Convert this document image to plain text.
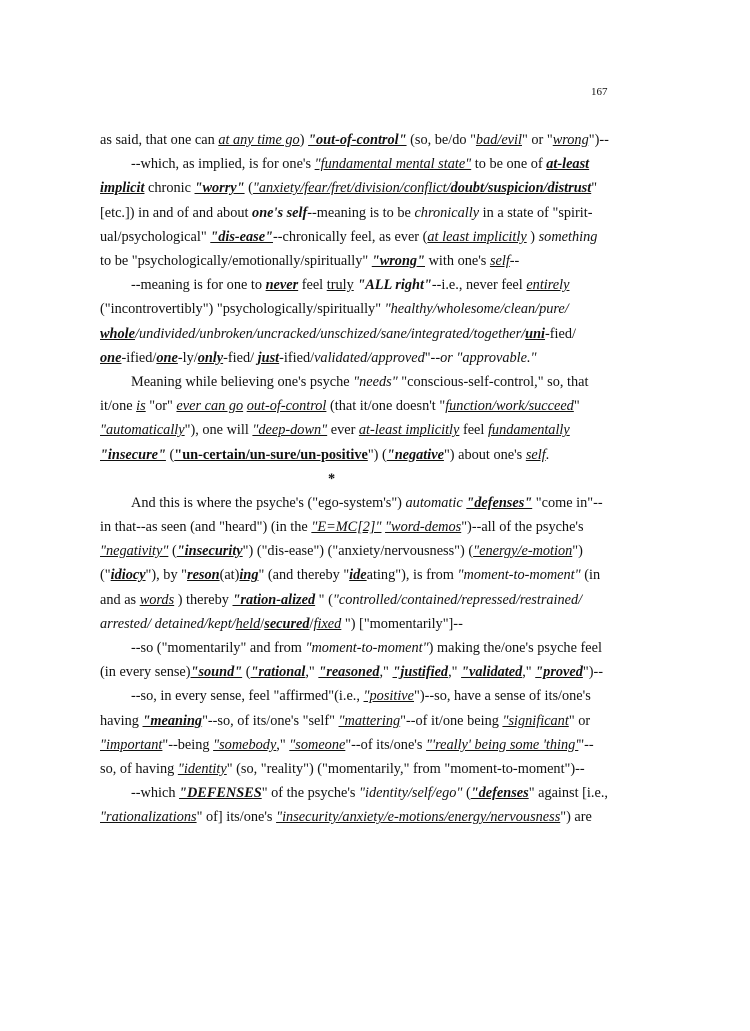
167
as said, that one can at any time go) "out-of-control" (so, be/do "bad/evil" or "wrong")--
--which, as implied, is for one's "fundamental mental state" to be one of at-least
implicit chronic "worry" ("anxiety/fear/fret/division/conflict/doubt/suspicion/distrust"
[etc.]) in and of and about one's self--meaning is to be chronically in a state of "spirit-
ual/psychological" "dis-ease"--chronically feel, as ever (at least implicitly ) something
to be "psychologically/emotionally/spiritually" "wrong" with one's self--
--meaning is for one to never feel truly "ALL right"--i.e., never feel entirely
("incontrovertibly") "psychologically/spiritually" "healthy/wholesome/clean/pure/
whole/undivided/unbroken/uncracked/unschized/sane/integrated/together/uni-fied/
one-ified/one-ly/only-fied/ just-ified/validated/approved"--or "approvable."
Meaning while believing one's psyche "needs" "conscious-self-control," so, that
it/one is "or" ever can go out-of-control (that it/one doesn't "function/work/succeed"
"automatically"), one will "deep-down" ever at-least implicitly feel fundamentally
"insecure" ("un-certain/un-sure/un-positive") ("negative") about one's self.
*
And this is where the psyche's ("ego-system's") automatic "defenses" "come in"--
in that--as seen (and "heard") (in the "E=MC[2]" "word-demos")--all of the psyche's
"negativity" ("insecurity") ("dis-ease") ("anxiety/nervousness") ("energy/e-motion")
("idiocy"), by "reson(at)ing" (and thereby "ideating"), is from "moment-to-moment" (in
and as words ) thereby "ration-alized " ("controlled/contained/repressed/restrained/
arrested/ detained/kept/held/secured/fixed ") ["momentarily"]--
--so ("momentarily" and from "moment-to-moment") making the/one's psyche feel
(in every sense)"sound" ("rational," "reasoned," "justified," "validated," "proved")--
--so, in every sense, feel "affirmed"(i.e., "positive")--so, have a sense of its/one's
having "meaning"--so, of its/one's "self" "mattering"--of it/one being "significant" or
"important"--being "somebody," "someone"--of its/one's "'really' being some 'thing'"--
so, of having "identity" (so, "reality") ("momentarily," from "moment-to-moment")--
--which "DEFENSES" of the psyche's "identity/self/ego" ("defenses" against [i.e.,
"rationalizations" of] its/one's "insecurity/anxiety/e-motions/energy/nervousness") are
